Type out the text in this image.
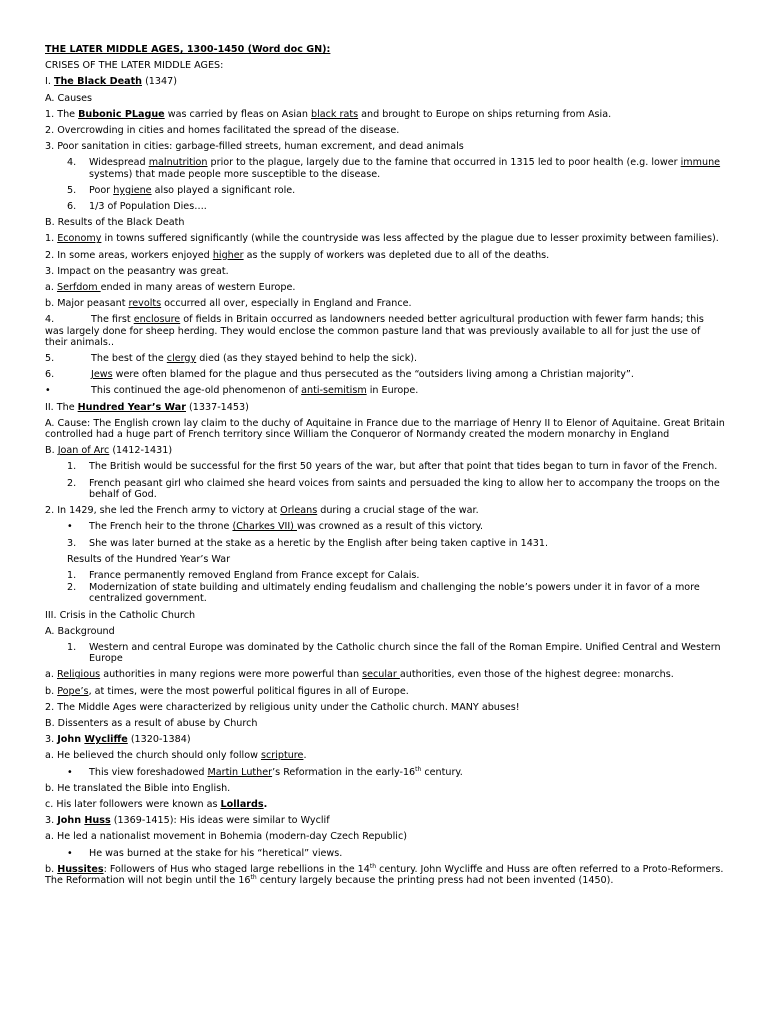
THE LATER MIDDLE AGES, 1300-1450 (Word doc GN):

CRISES OF THE LATER MIDDLE AGES:

I. The Black Death (1347)

A. Causes

1. The Bubonic PLague was carried by fleas on Asian black rats and brought to Europe on ships returning from Asia.

2. Overcrowding in cities and homes facilitated the spread of the disease.

3. Poor sanitation in cities: garbage-filled streets, human excrement, and dead animals

4. Widespread malnutrition prior to the plague, largely due to the famine that occurred in 1315 led to poor health (e.g. lower immune systems) that made people more susceptible to the disease.

5. Poor hygiene also played a significant role.

6. 1/3 of Population Dies….

B. Results of the Black Death

1. Economy in towns suffered significantly (while the countryside was less affected by the plague due to lesser proximity between families).

2. In some areas, workers enjoyed higher as the supply of workers was depleted due to all of the deaths.

3. Impact on the peasantry was great.

a. Serfdom ended in many areas of western Europe.

b. Major peasant revolts occurred all over, especially in England and France.

4.	The first enclosure of fields in Britain occurred as landowners needed better agricultural production with fewer farm hands; this was largely done for sheep herding. They would enclose the common pasture land that was previously available to all for just the use of their animals..

5.	The best of the clergy died (as they stayed behind to help the sick).

6.	Jews were often blamed for the plague and thus persecuted as the “outsiders living among a Christian majority”.

•	This continued the age-old phenomenon of anti-semitism in Europe.

II. The Hundred Year’s War (1337-1453)

A. Cause: The English crown lay claim to the duchy of Aquitaine in France due to the marriage of Henry II to Elenor of Aquitaine. Great Britain controlled had a huge part of French territory since William the Conqueror of Normandy created the modern monarchy in England

B. Joan of Arc (1412-1431)

1. The British would be successful for the first 50 years of the war, but after that point that tides began to turn in favor of the French.

2. French peasant girl who claimed she heard voices from saints and persuaded the king to allow her to accompany the troops on the behalf of God.

2. In 1429, she led the French army to victory at Orleans during a crucial stage of the war.

• The French heir to the throne (Charkes VII) was crowned as a result of this victory.

3. She was later burned at the stake as a heretic by the English after being taken captive in 1431.

Results of the Hundred Year’s War

1. France permanently removed England from France except for Calais.

2. Modernization of state building and ultimately ending feudalism and challenging the noble’s powers under it in favor of a more centralized government.

III. Crisis in the Catholic Church

A. Background

1. Western and central Europe was dominated by the Catholic church since the fall of the Roman Empire. Unified Central and Western Europe

a. Religious authorities in many regions were more powerful than secular authorities, even those of the highest degree: monarchs.

b. Pope’s, at times, were the most powerful political figures in all of Europe.

2. The Middle Ages were characterized by religious unity under the Catholic church. MANY abuses!

B. Dissenters as a result of abuse by Church

3. John Wycliffe (1320-1384)

a. He believed the church should only follow scripture.

• This view foreshadowed Martin Luther’s Reformation in the early-16th century.

b. He translated the Bible into English.

c. His later followers were known as Lollards.

3. John Huss (1369-1415): His ideas were similar to Wyclif

a. He led a nationalist movement in Bohemia (modern-day Czech Republic)

• He was burned at the stake for his “heretical” views.

b. Hussites: Followers of Hus who staged large rebellions in the 14th century. John Wycliffe and Huss are often referred to a Proto-Reformers. The Reformation will not begin until the 16th century largely because the printing press had not been invented (1450).
